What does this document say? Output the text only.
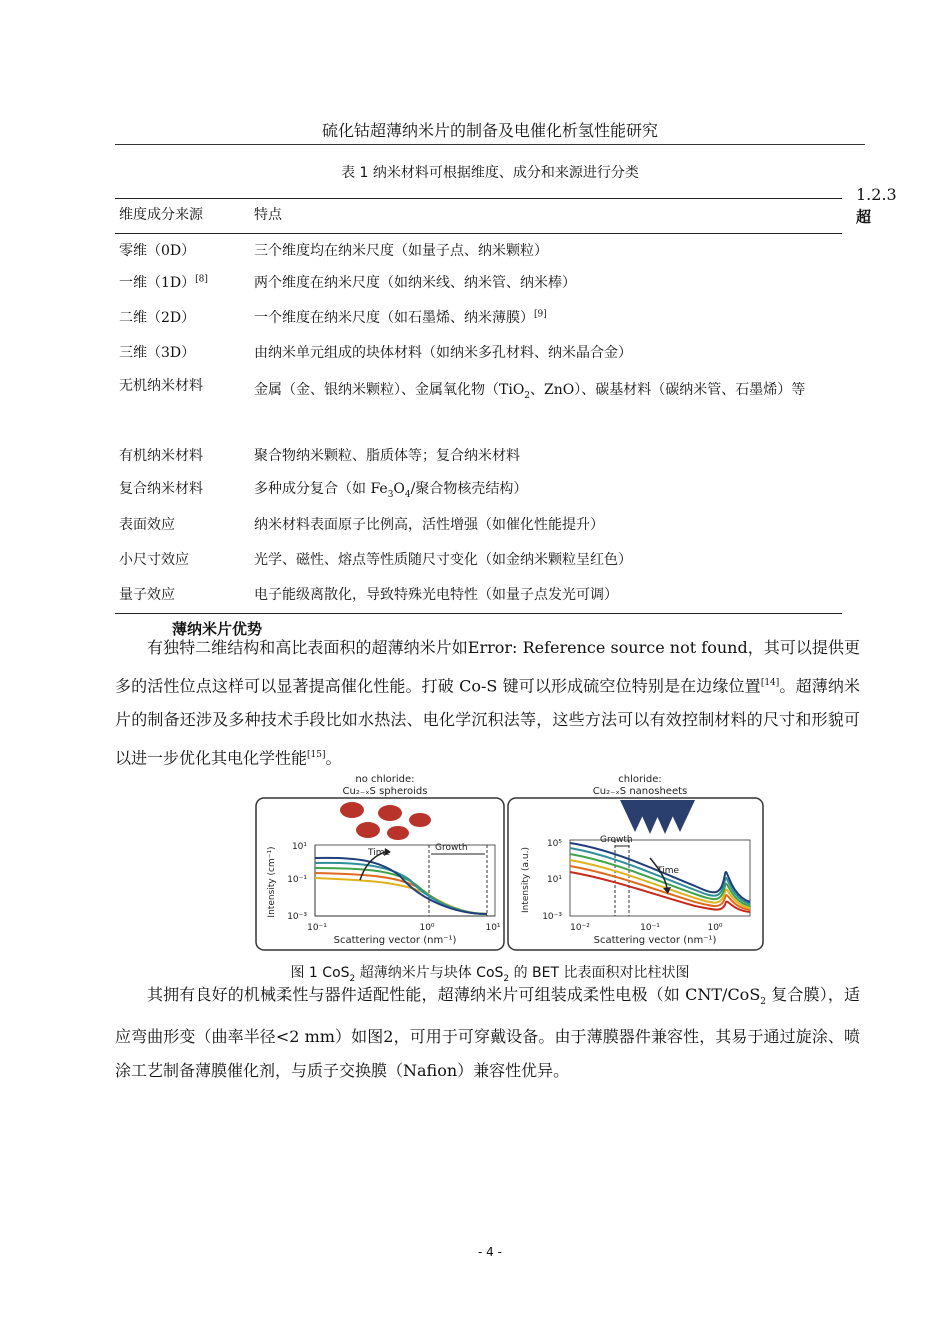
硫化钴超薄纳米片的制备及电催化析氢性能研究
表 1 纳米材料可根据维度、成分和来源进行分类
1.2.3
超
维度成分来源	特点
零维（0D）	三个维度均在纳米尺度（如量子点、纳米颗粒）
一维（1D）[8]	两个维度在纳米尺度（如纳米线、纳米管、纳米棒）
二维（2D）	一个维度在纳米尺度（如石墨烯、纳米薄膜）[9]
三维（3D）	由纳米单元组成的块体材料（如纳米多孔材料、纳米晶合金）
无机纳米材料	金属（金、银纳米颗粒）、金属氧化物（TiO$_2$、ZnO）、碳基材料（碳纳米管、石墨烯）等
有机纳米材料	聚合物纳米颗粒、脂质体等；复合纳米材料
复合纳米材料	多种成分复合（如 $Fe_3O_4/$聚合物核壳结构）
表面效应	纳米材料表面原子比例高，活性增强（如催化性能提升）
小尺寸效应	光学、磁性、熔点等性质随尺寸变化（如金纳米颗粒呈红色）
量子效应	电子能级离散化，导致特殊光电特性（如量子点发光可调）
薄纳米片优势

有独特二维结构和高比表面积的超薄纳米片如Error: Reference source not found，其可以提供更多的活性位点这样可以显著提高催化性能。打破 Co-S 键可以形成硫空位特别是在边缘位置[14]。超薄纳米片的制备还涉及多种技术手段比如水热法、电化学沉积法等，这些方法可以有效控制材料的尺寸和形貌可以进一步优化其电化学性能[15]。

no chloride:
Cu₂₋ₓS spheroids
chloride:
Cu₂₋ₓS nanosheets
Time	Growth
10¹
10⁻¹
10⁻³
10⁻¹	10⁰	10¹
Scattering vector (nm⁻¹)
Intensity (cm⁻¹)
Growth
Time
10⁵
10¹
10⁻³
10⁻²	10⁻¹	10⁰
Scattering vector (nm⁻¹)
Intensity (a.u.)
图 1 CoS$_2$ 超薄纳米片与块体 CoS$_2$ 的 BET 比表面积对比柱状图

其拥有良好的机械柔性与器件适配性能，超薄纳米片可组装成柔性电极（如 CNT/CoS$_2$ 复合膜），适应弯曲形变（曲率半径<2 mm）如图2，可用于可穿戴设备。由于薄膜器件兼容性，其易于通过旋涂、喷涂工艺制备薄膜催化剂，与质子交换膜（Nafion）兼容性优异。

- 4 -
